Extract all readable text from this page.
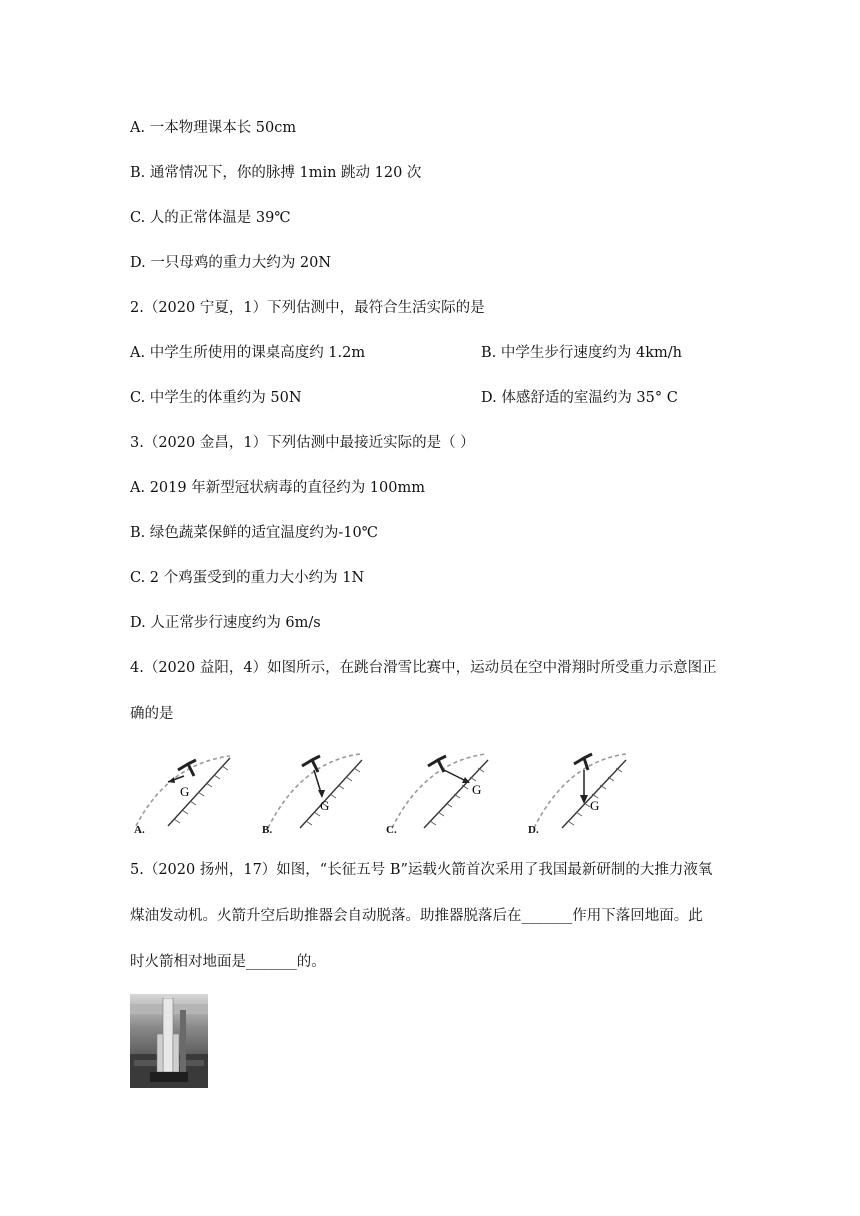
A. 一本物理课本长 50cm
B. 通常情况下，你的脉搏 1min 跳动 120 次
C. 人的正常体温是 39℃
D. 一只母鸡的重力大约为 20N
2.（2020 宁夏，1）下列估测中，最符合生活实际的是
A. 中学生所使用的课桌高度约 1.2m	B. 中学生步行速度约为 4km/h
C. 中学生的体重约为 50N	D. 体感舒适的室温约为 35° C
3.（2020 金昌，1）下列估测中最接近实际的是（ ）
A. 2019 年新型冠状病毒的直径约为 100mm
B. 绿色蔬菜保鲜的适宜温度约为-10℃
C. 2 个鸡蛋受到的重力大小约为 1N
D. 人正常步行速度约为 6m/s
4.（2020 益阳，4）如图所示，在跳台滑雪比赛中，运动员在空中滑翔时所受重力示意图正
确的是
G
A.
G
B.
G
C.
G
D.
5.（2020 扬州，17）如图，“长征五号 B”运载火箭首次采用了我国最新研制的大推力液氧
煤油发动机。火箭升空后助推器会自动脱落。助推器脱落后在_______作用下落回地面。此
时火箭相对地面是_______的。
